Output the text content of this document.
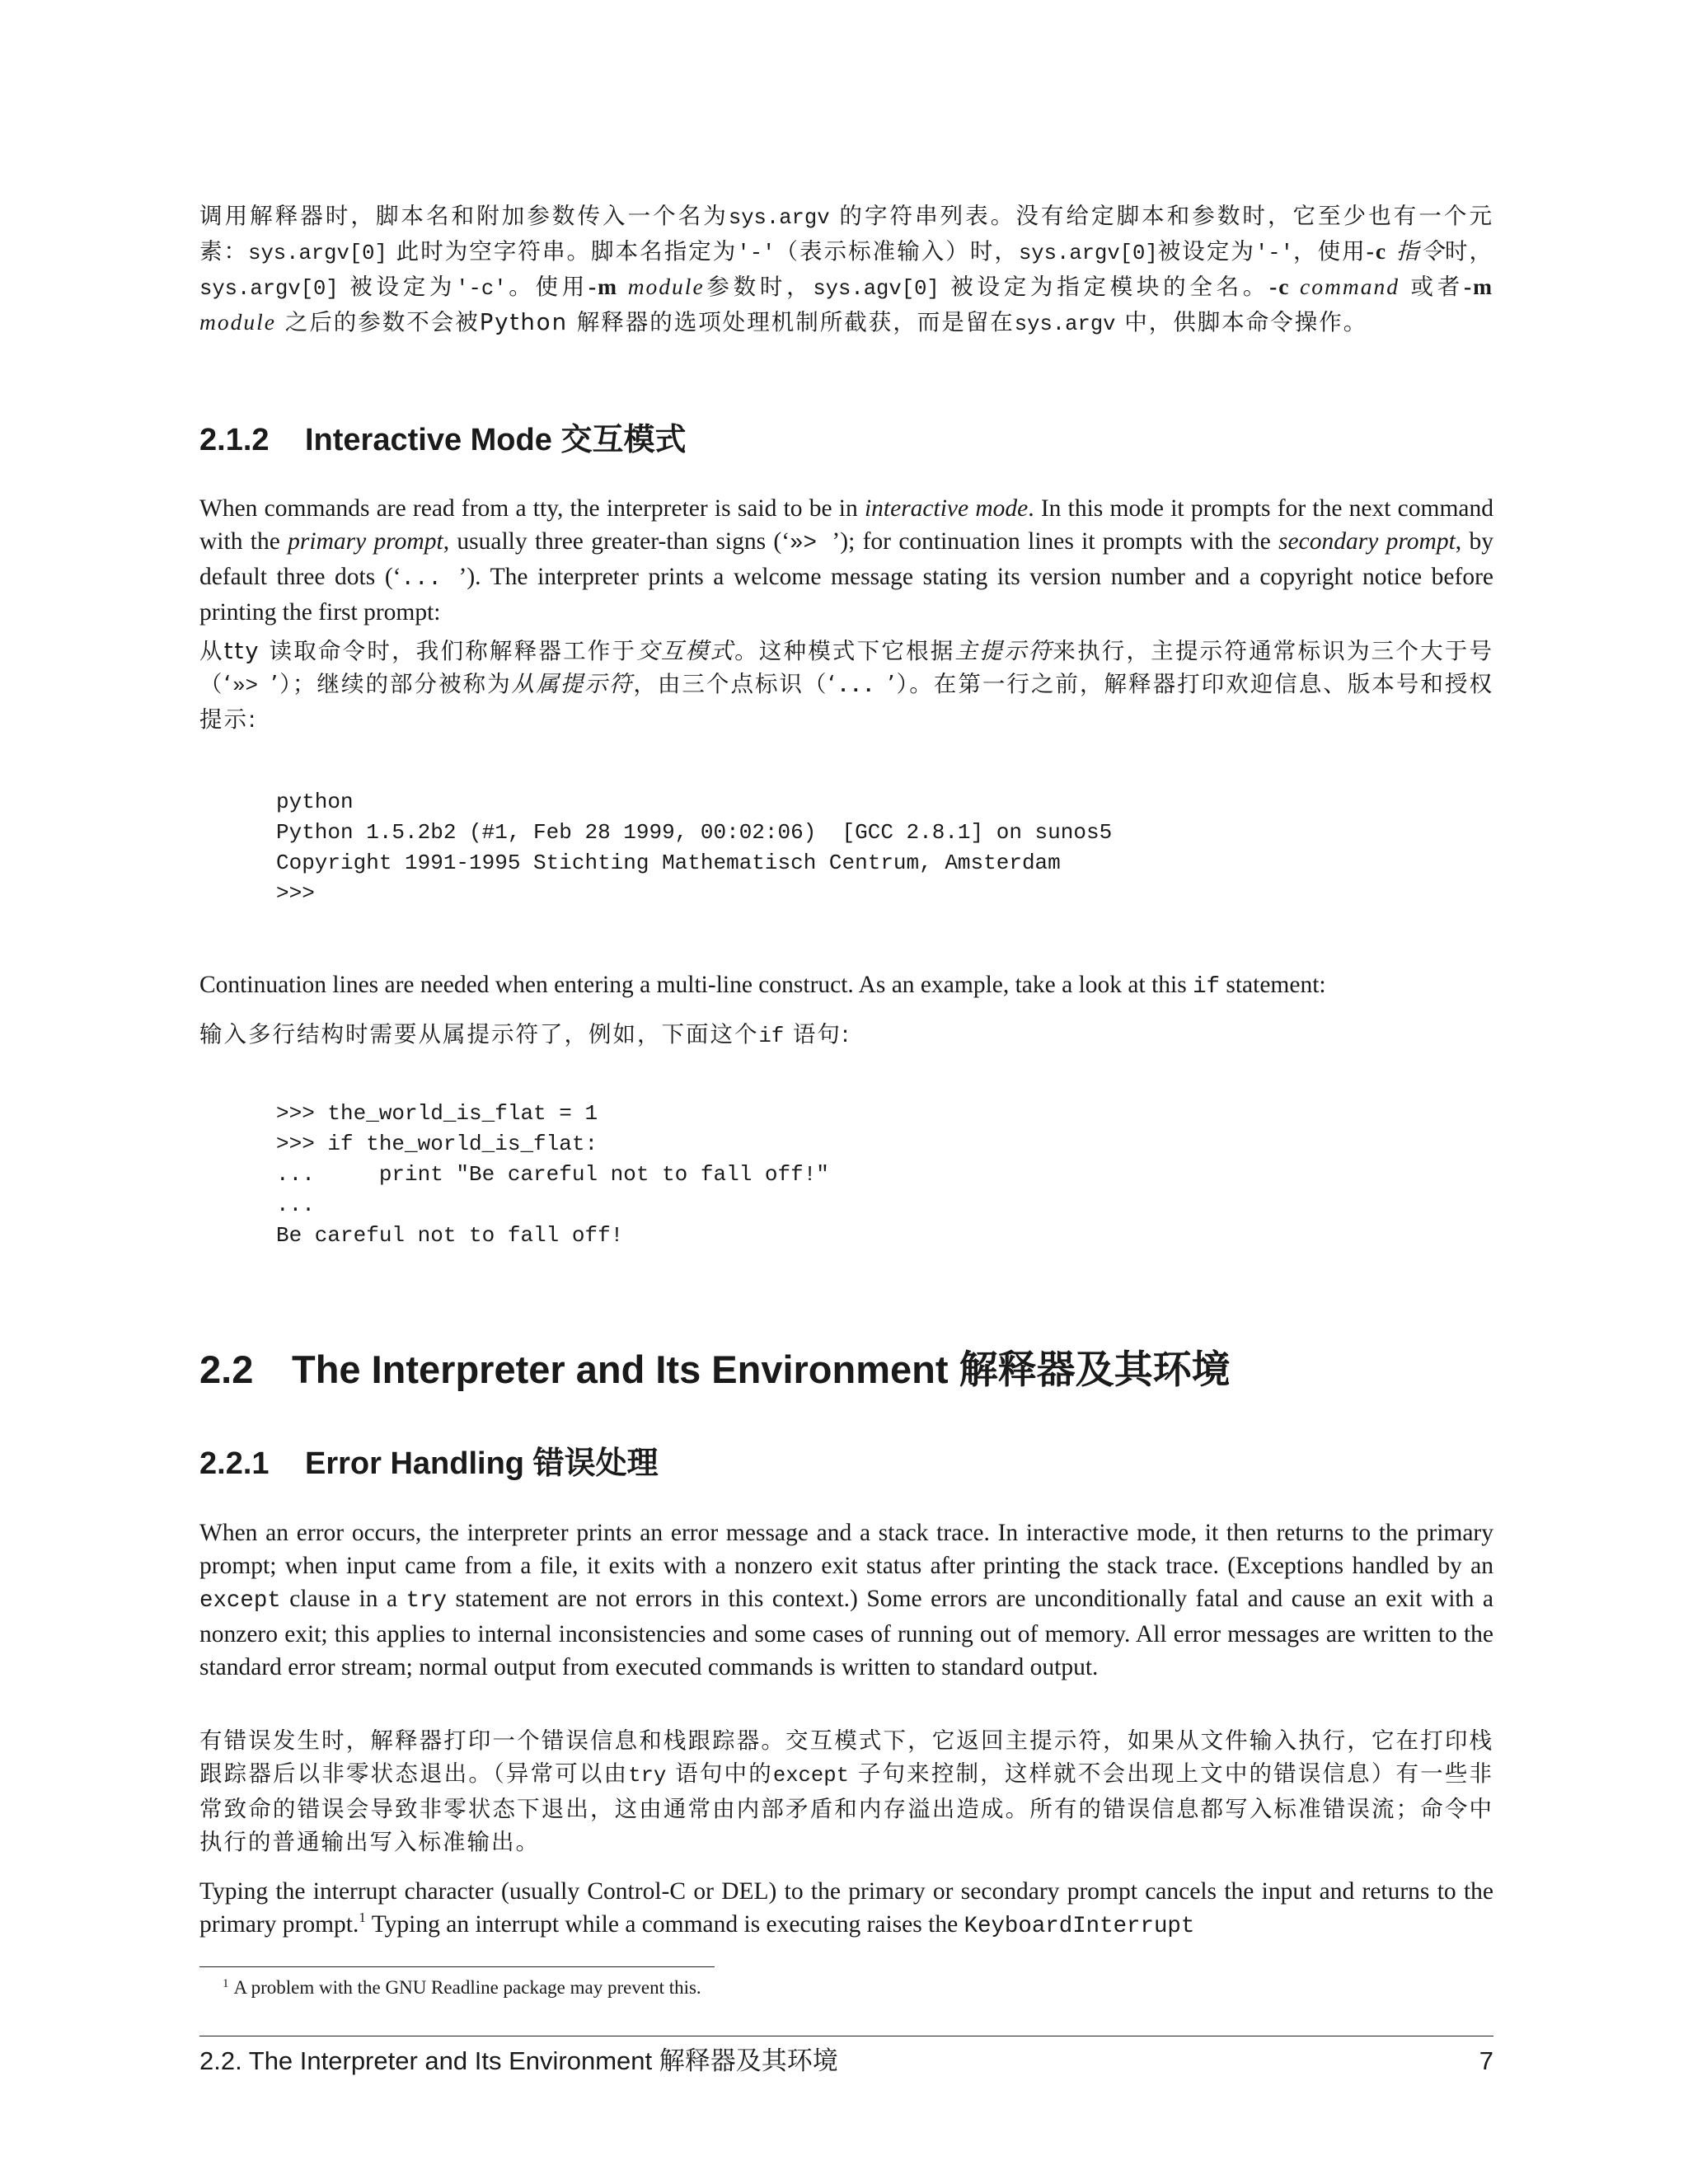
调用解释器时，脚本名和附加参数传入一个名为sys.argv 的字符串列表。没有给定脚本和参数时，它至少也有一个元素：sys.argv[0] 此时为空字符串。脚本名指定为'-'（表示标准输入）时，sys.argv[0]被设定为'-'，使用-c 指令时，sys.argv[0] 被设定为'-c'。使用-m module参数时，sys.agv[0] 被设定为指定模块的全名。-c command 或者-m module 之后的参数不会被Python 解释器的选项处理机制所截获，而是留在sys.argv 中，供脚本命令操作。

2.1.2 Interactive Mode 交互模式

When commands are read from a tty, the interpreter is said to be in interactive mode. In this mode it prompts for the next command with the primary prompt, usually three greater-than signs (‘»> ’); for continuation lines it prompts with the secondary prompt, by default three dots (‘... ’). The interpreter prints a welcome message stating its version number and a copyright notice before printing the first prompt:

从tty 读取命令时，我们称解释器工作于交互模式。这种模式下它根据主提示符来执行，主提示符通常标识为三个大于号（‘»> ’）；继续的部分被称为从属提示符，由三个点标识（‘... ’）。在第一行之前，解释器打印欢迎信息、版本号和授权提示:

python
Python 1.5.2b2 (#1, Feb 28 1999, 00:02:06)  [GCC 2.8.1] on sunos5
Copyright 1991-1995 Stichting Mathematisch Centrum, Amsterdam
>>>

Continuation lines are needed when entering a multi-line construct. As an example, take a look at this if statement:

输入多行结构时需要从属提示符了，例如，下面这个if 语句:

>>> the_world_is_flat = 1
>>> if the_world_is_flat:
...     print "Be careful not to fall off!"
...
Be careful not to fall off!
2.2 The Interpreter and Its Environment 解释器及其环境
2.2.1 Error Handling 错误处理

When an error occurs, the interpreter prints an error message and a stack trace. In interactive mode, it then returns to the primary prompt; when input came from a file, it exits with a nonzero exit status after printing the stack trace. (Exceptions handled by an except clause in a try statement are not errors in this context.) Some errors are unconditionally fatal and cause an exit with a nonzero exit; this applies to internal inconsistencies and some cases of running out of memory. All error messages are written to the standard error stream; normal output from executed commands is written to standard output.

有错误发生时，解释器打印一个错误信息和栈跟踪器。交互模式下，它返回主提示符，如果从文件输入执行，它在打印栈跟踪器后以非零状态退出。（异常可以由try 语句中的except 子句来控制，这样就不会出现上文中的错误信息）有一些非常致命的错误会导致非零状态下退出，这由通常由内部矛盾和内存溢出造成。所有的错误信息都写入标准错误流；命令中执行的普通输出写入标准输出。

Typing the interrupt character (usually Control-C or DEL) to the primary or secondary prompt cancels the input and returns to the primary prompt.$^1$ Typing an interrupt while a command is executing raises the KeyboardInterrupt

$^1$ A problem with the GNU Readline package may prevent this.
2.2. The Interpreter and Its Environment 解释器及其环境	7
